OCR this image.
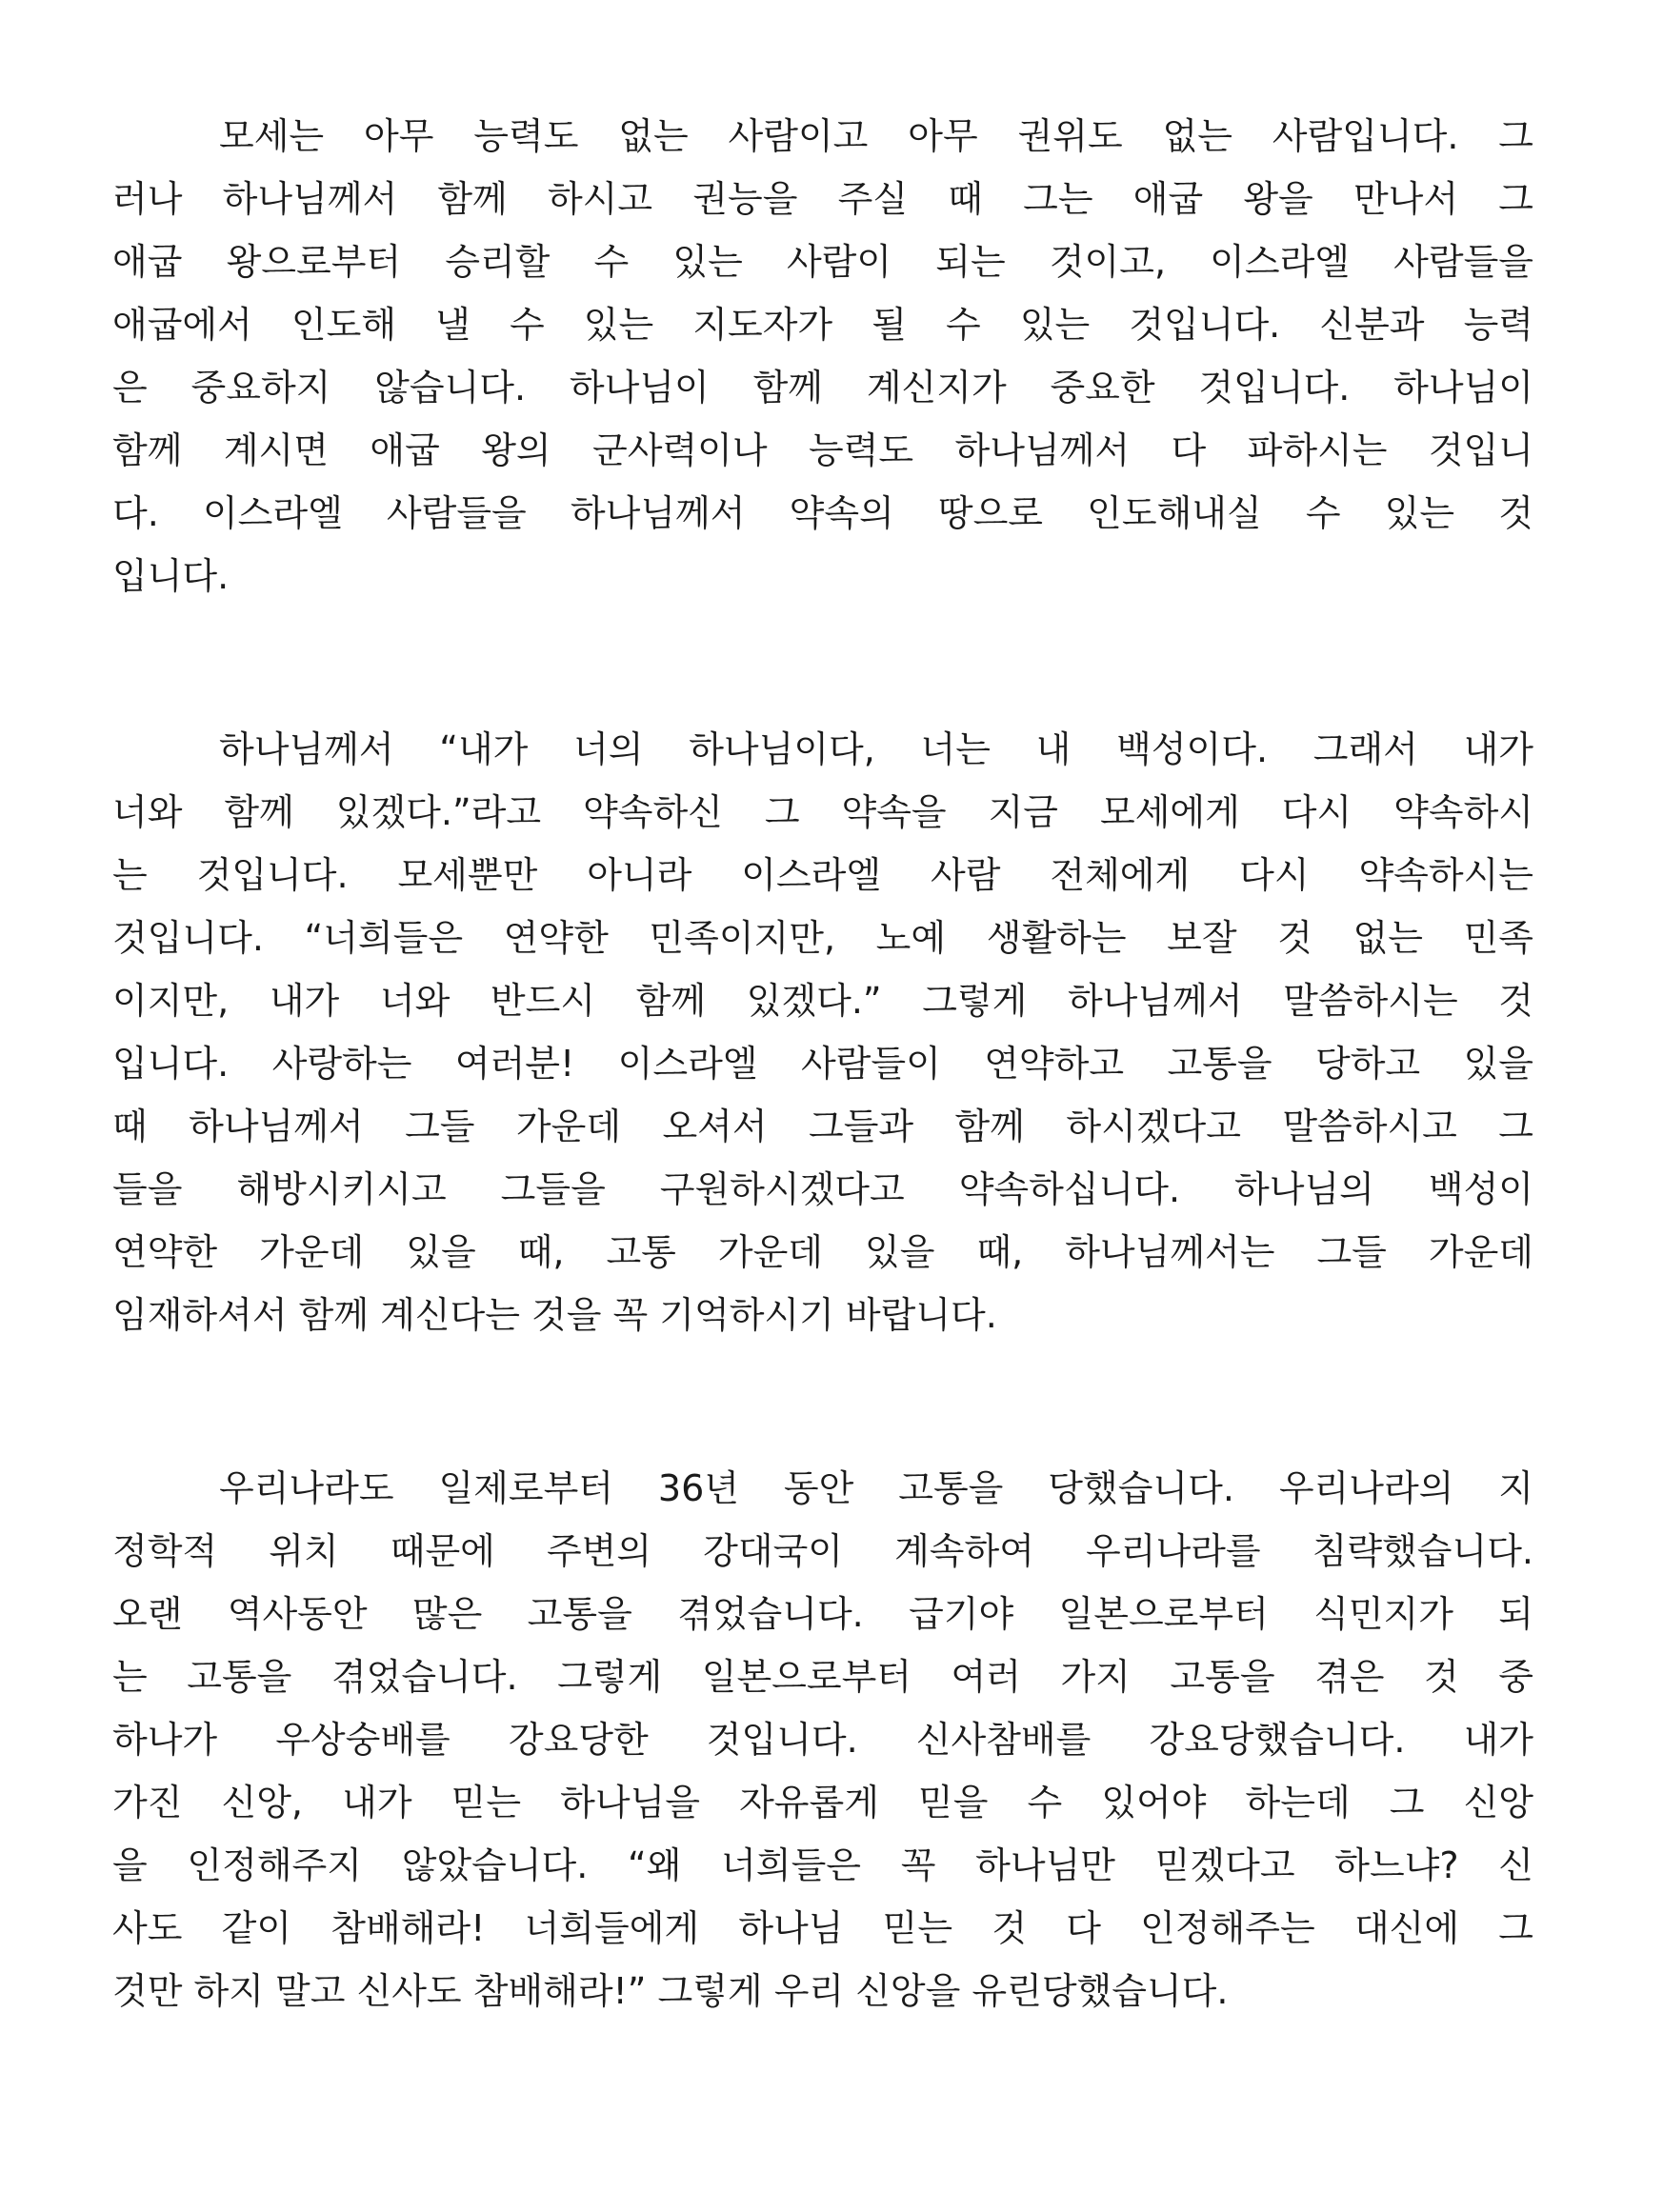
모세는 아무 능력도 없는 사람이고 아무 권위도 없는 사람입니다. 그
러나 하나님께서 함께 하시고 권능을 주실 때 그는 애굽 왕을 만나서 그
애굽 왕으로부터 승리할 수 있는 사람이 되는 것이고, 이스라엘 사람들을
애굽에서 인도해 낼 수 있는 지도자가 될 수 있는 것입니다. 신분과 능력
은 중요하지 않습니다. 하나님이 함께 계신지가 중요한 것입니다. 하나님이
함께 계시면 애굽 왕의 군사력이나 능력도 하나님께서 다 파하시는 것입니
다. 이스라엘 사람들을 하나님께서 약속의 땅으로 인도해내실 수 있는 것
입니다.
하나님께서 “내가 너의 하나님이다, 너는 내 백성이다. 그래서 내가
너와 함께 있겠다.”라고 약속하신 그 약속을 지금 모세에게 다시 약속하시
는 것입니다. 모세뿐만 아니라 이스라엘 사람 전체에게 다시 약속하시는
것입니다. “너희들은 연약한 민족이지만, 노예 생활하는 보잘 것 없는 민족
이지만, 내가 너와 반드시 함께 있겠다.” 그렇게 하나님께서 말씀하시는 것
입니다. 사랑하는 여러분! 이스라엘 사람들이 연약하고 고통을 당하고 있을
때 하나님께서 그들 가운데 오셔서 그들과 함께 하시겠다고 말씀하시고 그
들을 해방시키시고 그들을 구원하시겠다고 약속하십니다. 하나님의 백성이
연약한 가운데 있을 때, 고통 가운데 있을 때, 하나님께서는 그들 가운데
임재하셔서 함께 계신다는 것을 꼭 기억하시기 바랍니다.
우리나라도 일제로부터 36년 동안 고통을 당했습니다. 우리나라의 지
정학적 위치 때문에 주변의 강대국이 계속하여 우리나라를 침략했습니다.
오랜 역사동안 많은 고통을 겪었습니다. 급기야 일본으로부터 식민지가 되
는 고통을 겪었습니다. 그렇게 일본으로부터 여러 가지 고통을 겪은 것 중
하나가 우상숭배를 강요당한 것입니다. 신사참배를 강요당했습니다. 내가
가진 신앙, 내가 믿는 하나님을 자유롭게 믿을 수 있어야 하는데 그 신앙
을 인정해주지 않았습니다. “왜 너희들은 꼭 하나님만 믿겠다고 하느냐? 신
사도 같이 참배해라! 너희들에게 하나님 믿는 것 다 인정해주는 대신에 그
것만 하지 말고 신사도 참배해라!” 그렇게 우리 신앙을 유린당했습니다.
